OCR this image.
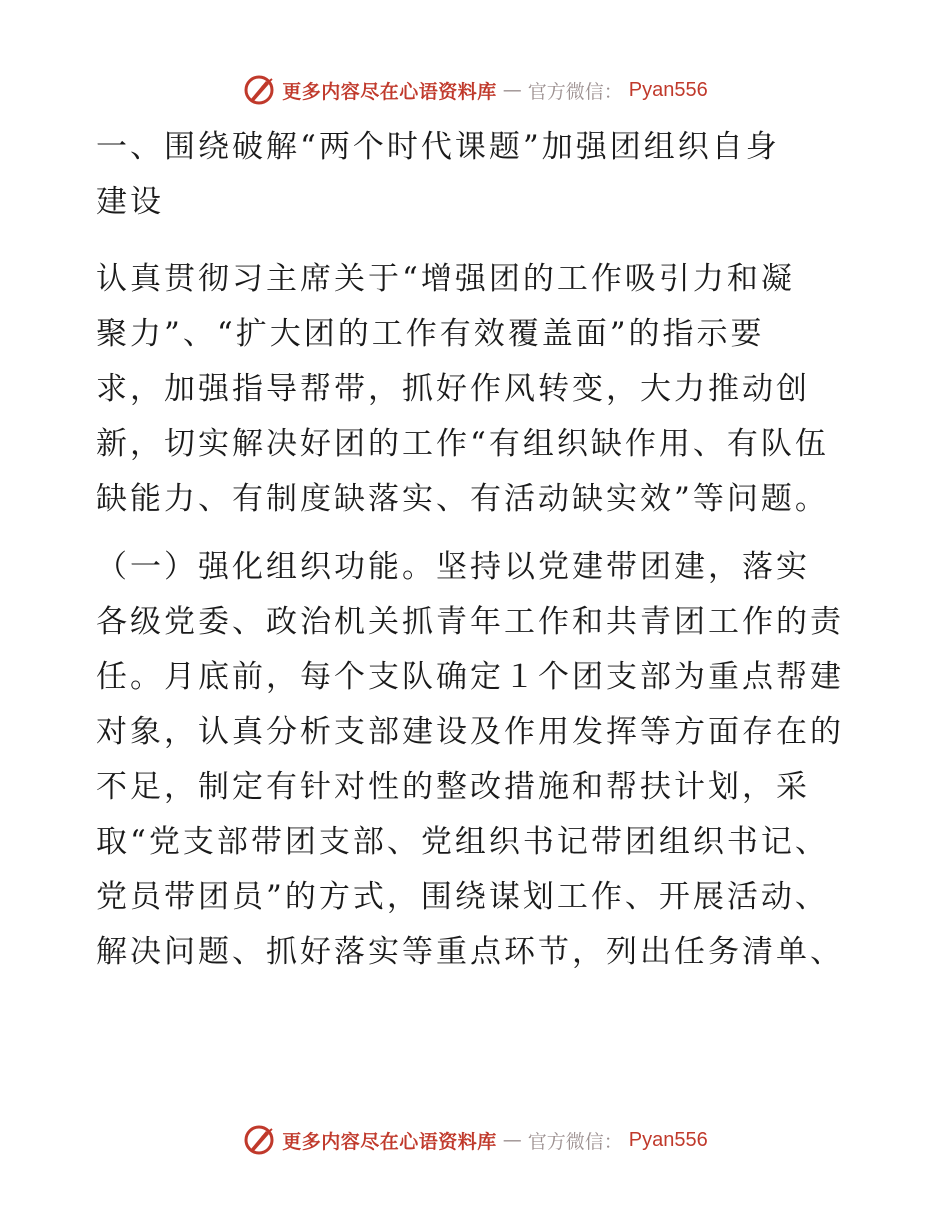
更多内容尽在心语资料库 — 官方微信： Pyan556
一、围绕破解“两个时代课题”加强团组织自身
建设
认真贯彻习主席关于“增强团的工作吸引力和凝
聚力”、“扩大团的工作有效覆盖面”的指示要
求，加强指导帮带，抓好作风转变，大力推动创
新，切实解决好团的工作“有组织缺作用、有队伍
缺能力、有制度缺落实、有活动缺实效”等问题。
（一）强化组织功能。坚持以党建带团建，落实
各级党委、政治机关抓青年工作和共青团工作的责
任。月底前，每个支队确定１个团支部为重点帮建
对象，认真分析支部建设及作用发挥等方面存在的
不足，制定有针对性的整改措施和帮扶计划，采
取“党支部带团支部、党组织书记带团组织书记、
党员带团员”的方式，围绕谋划工作、开展活动、
解决问题、抓好落实等重点环节，列出任务清单、
更多内容尽在心语资料库 — 官方微信： Pyan556
